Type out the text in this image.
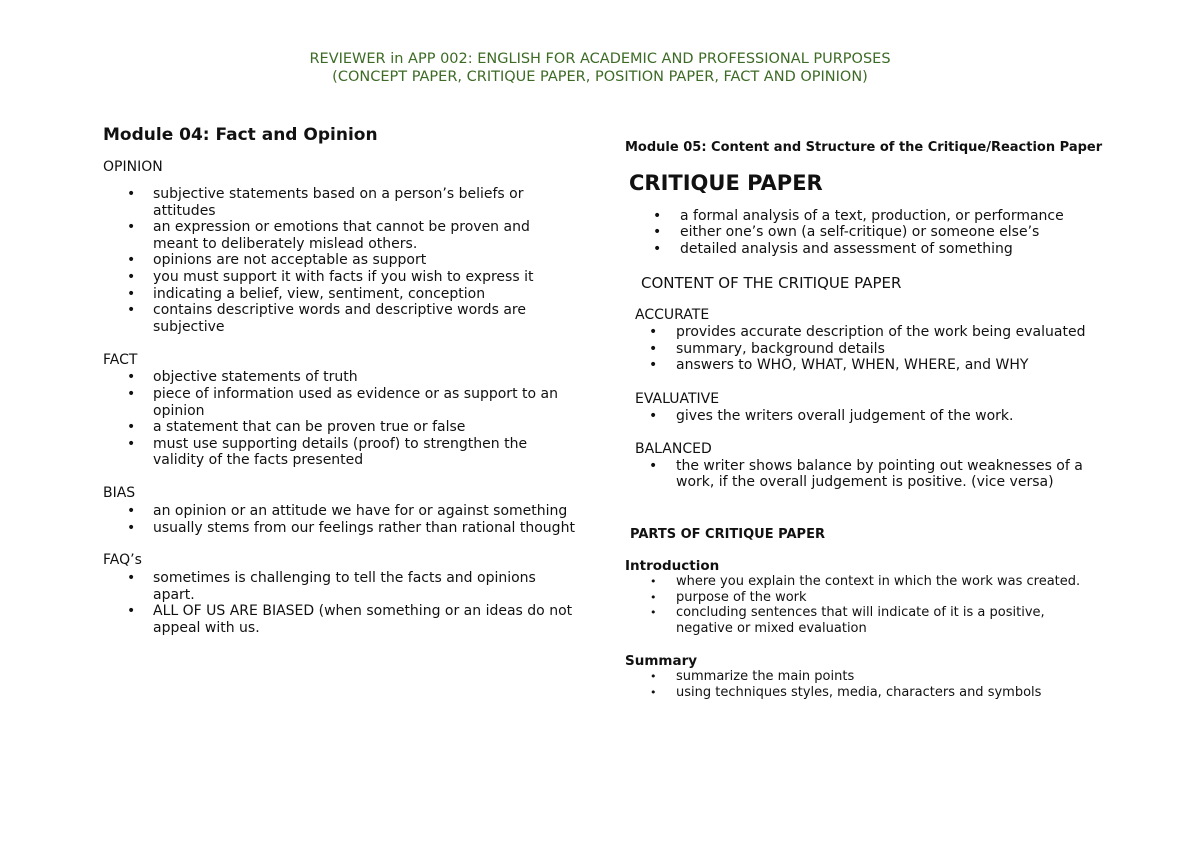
REVIEWER in APP 002: ENGLISH FOR ACADEMIC AND PROFESSIONAL PURPOSES
(CONCEPT PAPER, CRITIQUE PAPER, POSITION PAPER, FACT AND OPINION)
Module 04: Fact and Opinion
OPINION
• subjective statements based on a person’s beliefs or attitudes
• an expression or emotions that cannot be proven and meant to deliberately mislead others.
• opinions are not acceptable as support
• you must support it with facts if you wish to express it
• indicating a belief, view, sentiment, conception
• contains descriptive words and descriptive words are subjective
FACT
• objective statements of truth
• piece of information used as evidence or as support to an opinion
• a statement that can be proven true or false
• must use supporting details (proof) to strengthen the validity of the facts presented
BIAS
• an opinion or an attitude we have for or against something
• usually stems from our feelings rather than rational thought
FAQ’s
• sometimes is challenging to tell the facts and opinions apart.
• ALL OF US ARE BIASED (when something or an ideas do not appeal with us.
Module 05: Content and Structure of the Critique/Reaction Paper
CRITIQUE PAPER
• a formal analysis of a text, production, or performance
• either one’s own (a self-critique) or someone else’s
• detailed analysis and assessment of something
CONTENT OF THE CRITIQUE PAPER
ACCURATE
• provides accurate description of the work being evaluated
• summary, background details
• answers to WHO, WHAT, WHEN, WHERE, and WHY
EVALUATIVE
• gives the writers overall judgement of the work.
BALANCED
• the writer shows balance by pointing out weaknesses of a work, if the overall judgement is positive. (vice versa)
PARTS OF CRITIQUE PAPER
Introduction
• where you explain the context in which the work was created.
• purpose of the work
• concluding sentences that will indicate of it is a positive, negative or mixed evaluation
Summary
• summarize the main points
• using techniques styles, media, characters and symbols
